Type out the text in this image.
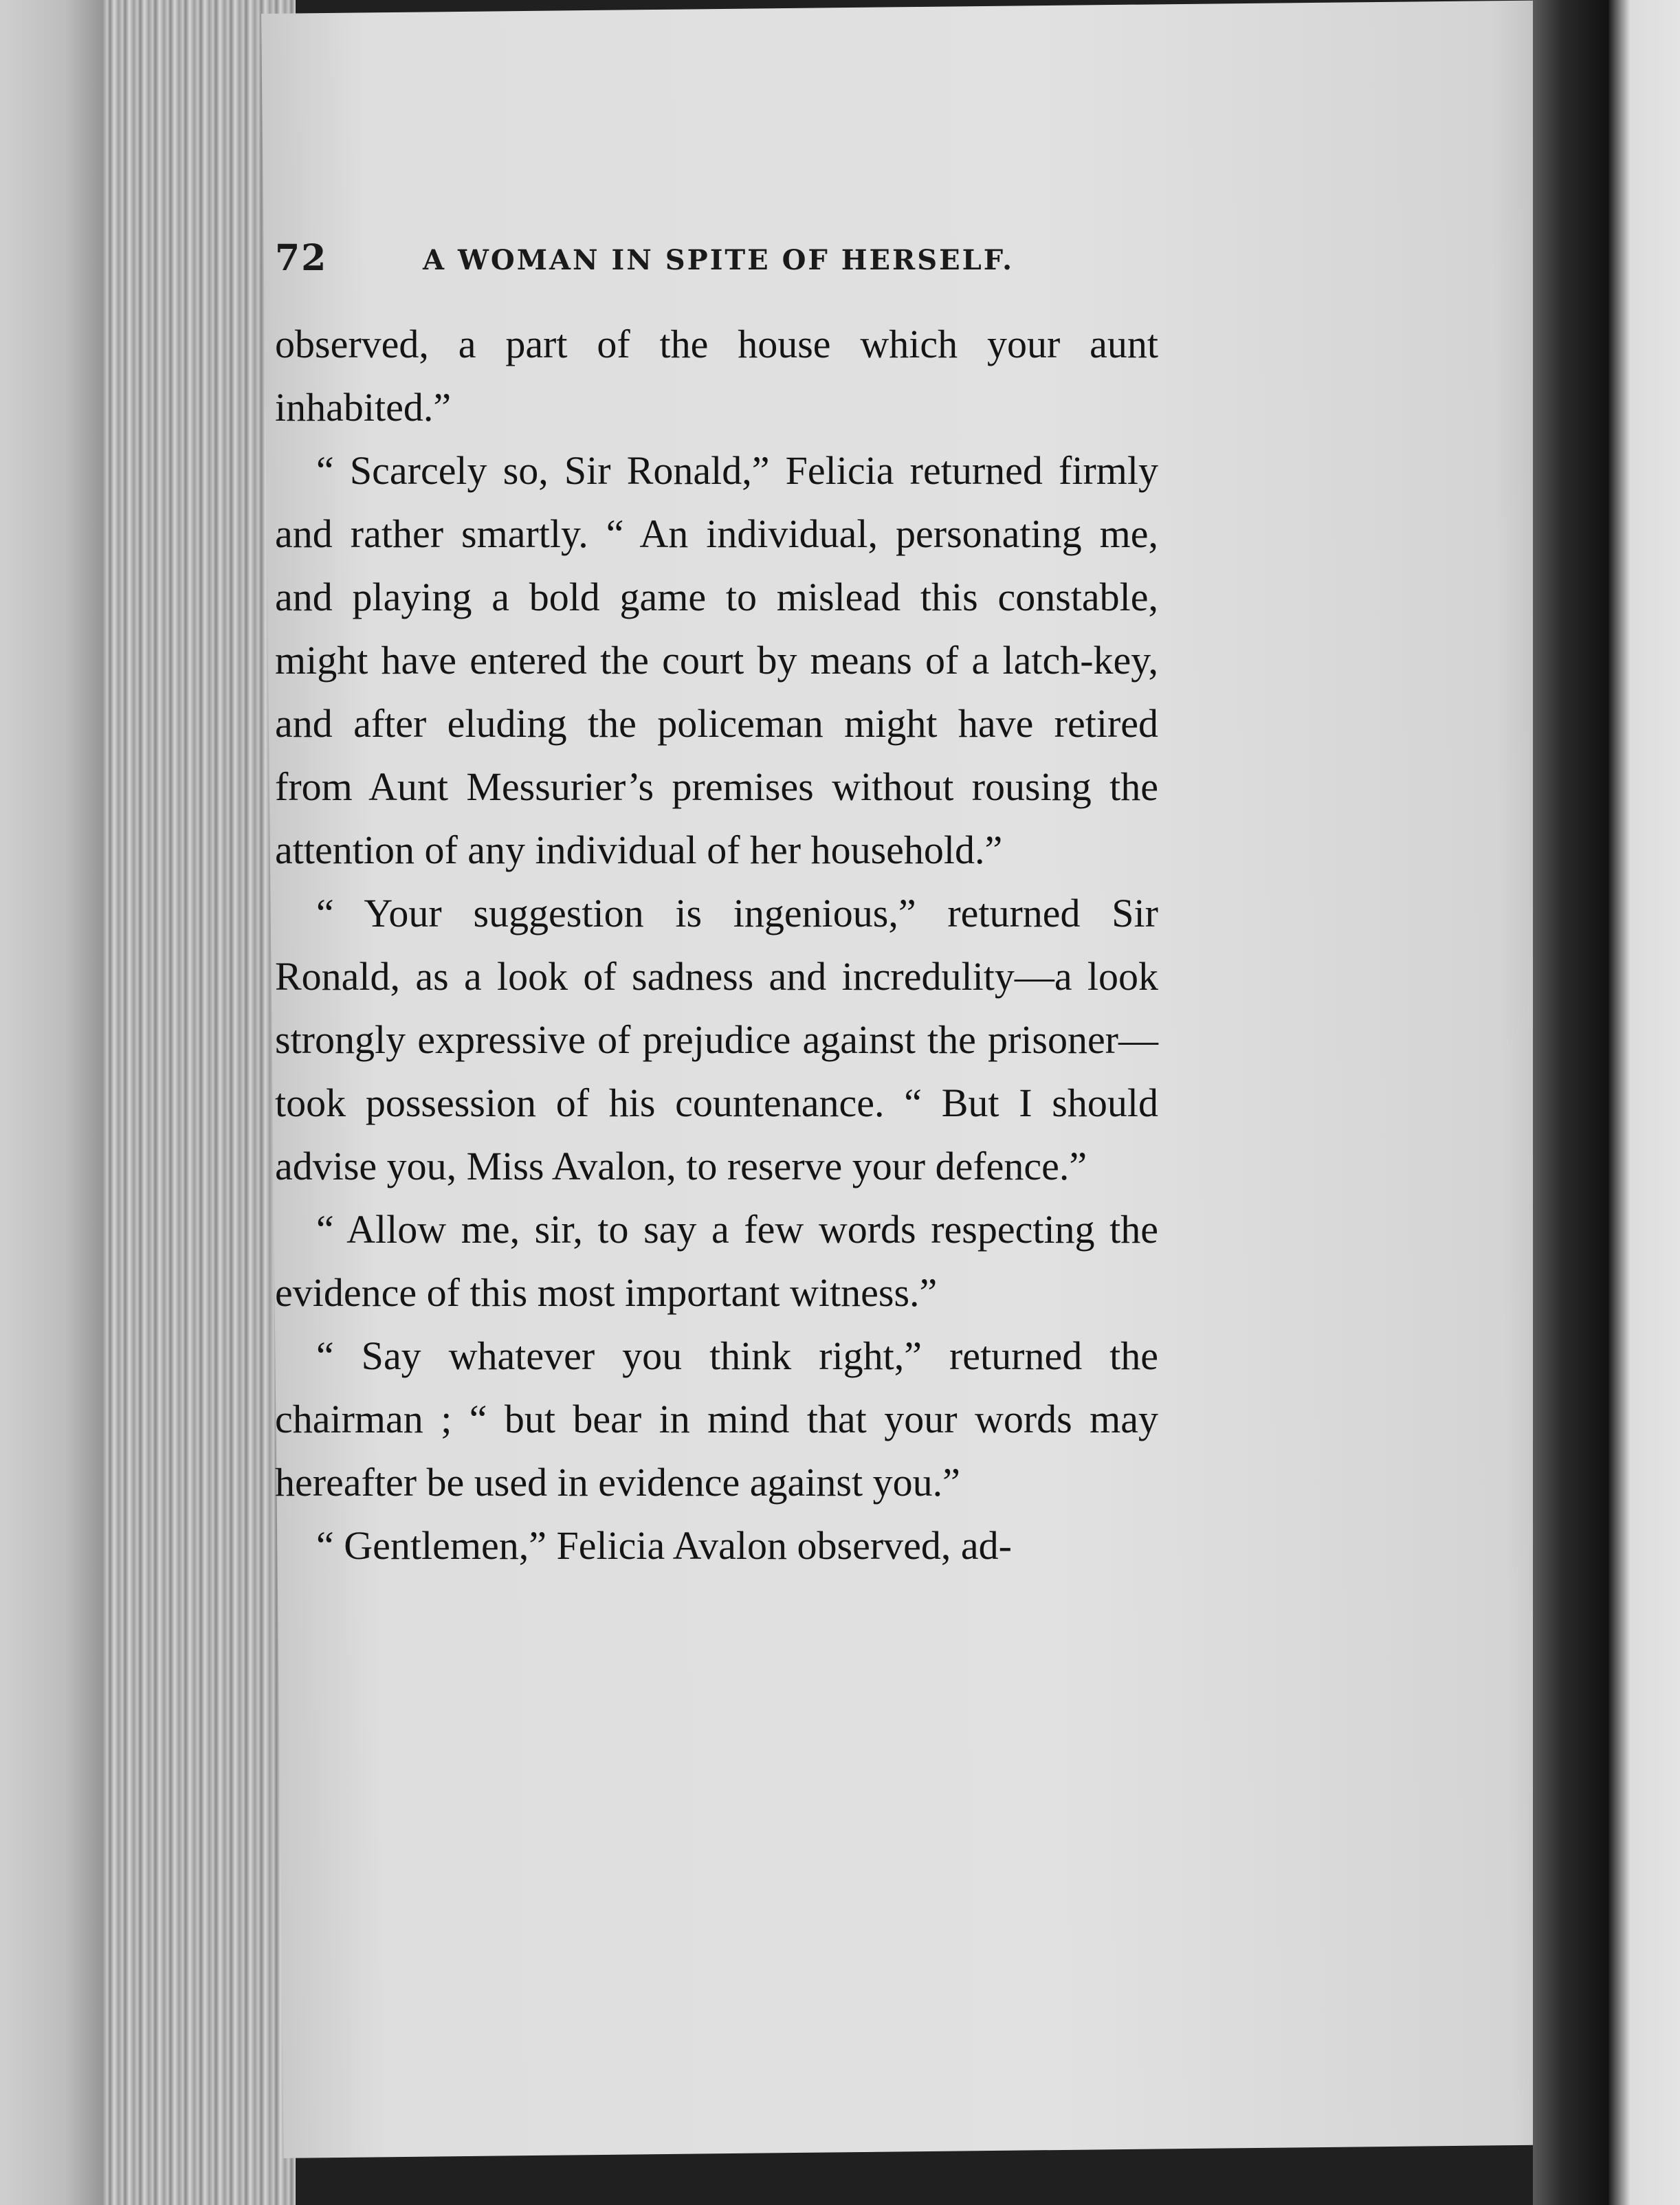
72	A WOMAN IN SPITE OF HERSELF.

observed, a part of the house which your aunt inhabited.”

“ Scarcely so, Sir Ronald,” Felicia returned firmly and rather smartly. “ An individual, personating me, and playing a bold game to mislead this constable, might have entered the court by means of a latch-key, and after eluding the policeman might have retired from Aunt Messurier’s premises without rousing the attention of any individual of her household.”

“ Your suggestion is ingenious,” returned Sir Ronald, as a look of sadness and incredulity—a look strongly expressive of prejudice against the prisoner—took possession of his countenance. “ But I should advise you, Miss Avalon, to reserve your defence.”

“ Allow me, sir, to say a few words respecting the evidence of this most important witness.”

“ Say whatever you think right,” returned the chairman ; “ but bear in mind that your words may hereafter be used in evidence against you.”

“ Gentlemen,” Felicia Avalon observed, ad-
